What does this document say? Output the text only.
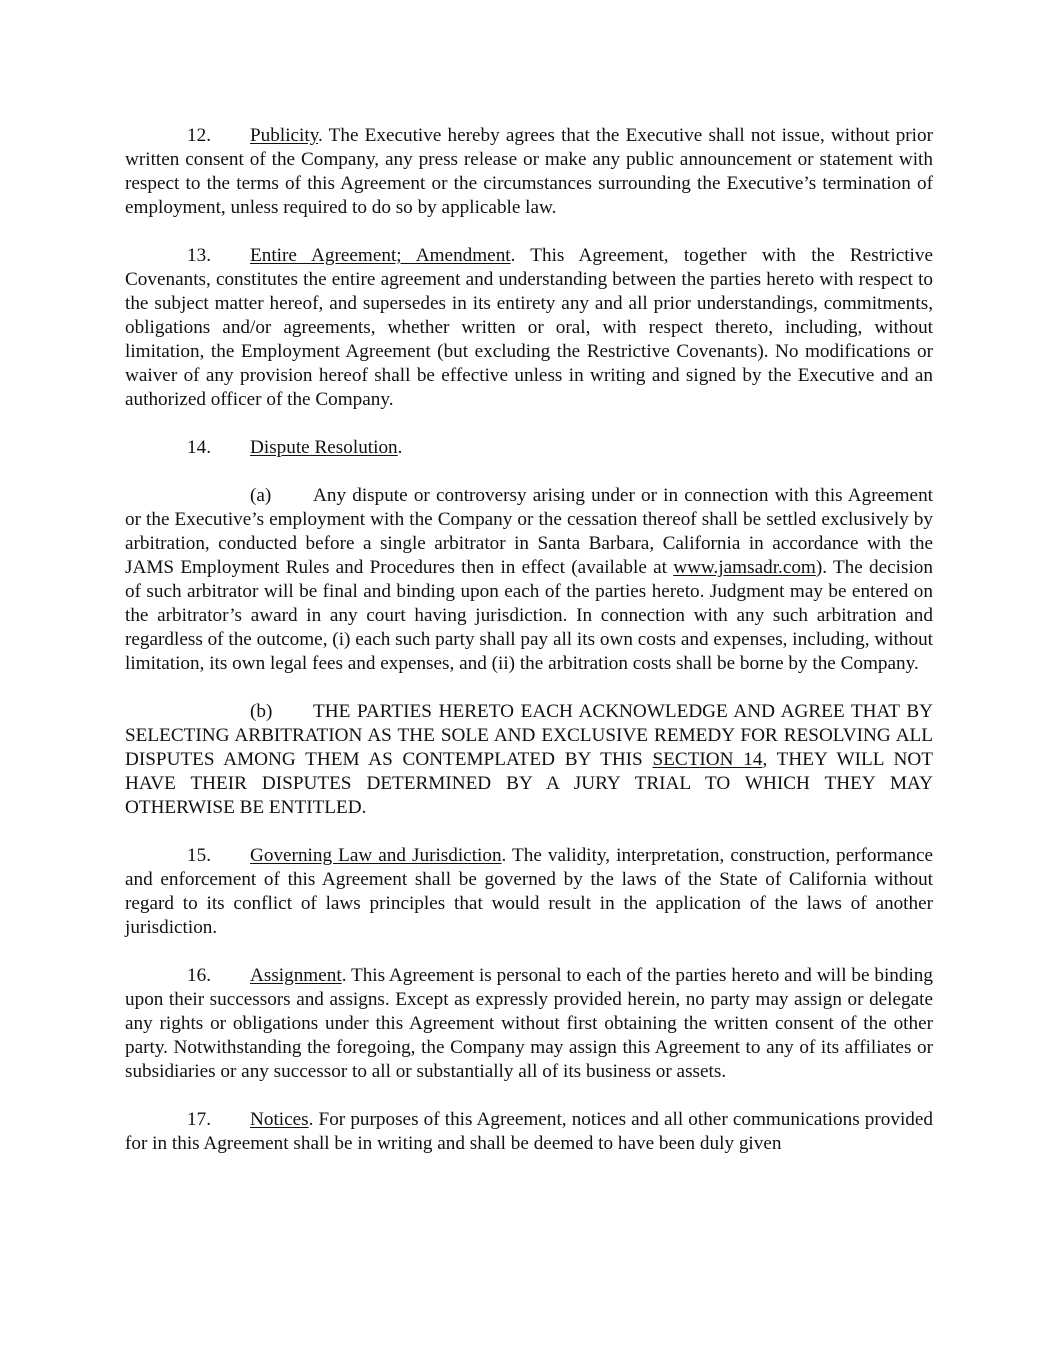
12. Publicity. The Executive hereby agrees that the Executive shall not issue, without prior written consent of the Company, any press release or make any public announcement or statement with respect to the terms of this Agreement or the circumstances surrounding the Executive’s termination of employment, unless required to do so by applicable law.

13. Entire Agreement; Amendment. This Agreement, together with the Restrictive Covenants, constitutes the entire agreement and understanding between the parties hereto with respect to the subject matter hereof, and supersedes in its entirety any and all prior understandings, commitments, obligations and/or agreements, whether written or oral, with respect thereto, including, without limitation, the Employment Agreement (but excluding the Restrictive Covenants). No modifications or waiver of any provision hereof shall be effective unless in writing and signed by the Executive and an authorized officer of the Company.

14. Dispute Resolution.

(a) Any dispute or controversy arising under or in connection with this Agreement or the Executive’s employment with the Company or the cessation thereof shall be settled exclusively by arbitration, conducted before a single arbitrator in Santa Barbara, California in accordance with the JAMS Employment Rules and Procedures then in effect (available at www.jamsadr.com). The decision of such arbitrator will be final and binding upon each of the parties hereto. Judgment may be entered on the arbitrator’s award in any court having jurisdiction. In connection with any such arbitration and regardless of the outcome, (i) each such party shall pay all its own costs and expenses, including, without limitation, its own legal fees and expenses, and (ii) the arbitration costs shall be borne by the Company.

(b) THE PARTIES HERETO EACH ACKNOWLEDGE AND AGREE THAT BY SELECTING ARBITRATION AS THE SOLE AND EXCLUSIVE REMEDY FOR RESOLVING ALL DISPUTES AMONG THEM AS CONTEMPLATED BY THIS SECTION 14, THEY WILL NOT HAVE THEIR DISPUTES DETERMINED BY A JURY TRIAL TO WHICH THEY MAY OTHERWISE BE ENTITLED.

15. Governing Law and Jurisdiction. The validity, interpretation, construction, performance and enforcement of this Agreement shall be governed by the laws of the State of California without regard to its conflict of laws principles that would result in the application of the laws of another jurisdiction.

16. Assignment. This Agreement is personal to each of the parties hereto and will be binding upon their successors and assigns. Except as expressly provided herein, no party may assign or delegate any rights or obligations under this Agreement without first obtaining the written consent of the other party. Notwithstanding the foregoing, the Company may assign this Agreement to any of its affiliates or subsidiaries or any successor to all or substantially all of its business or assets.

17. Notices. For purposes of this Agreement, notices and all other communications provided for in this Agreement shall be in writing and shall be deemed to have been duly given
